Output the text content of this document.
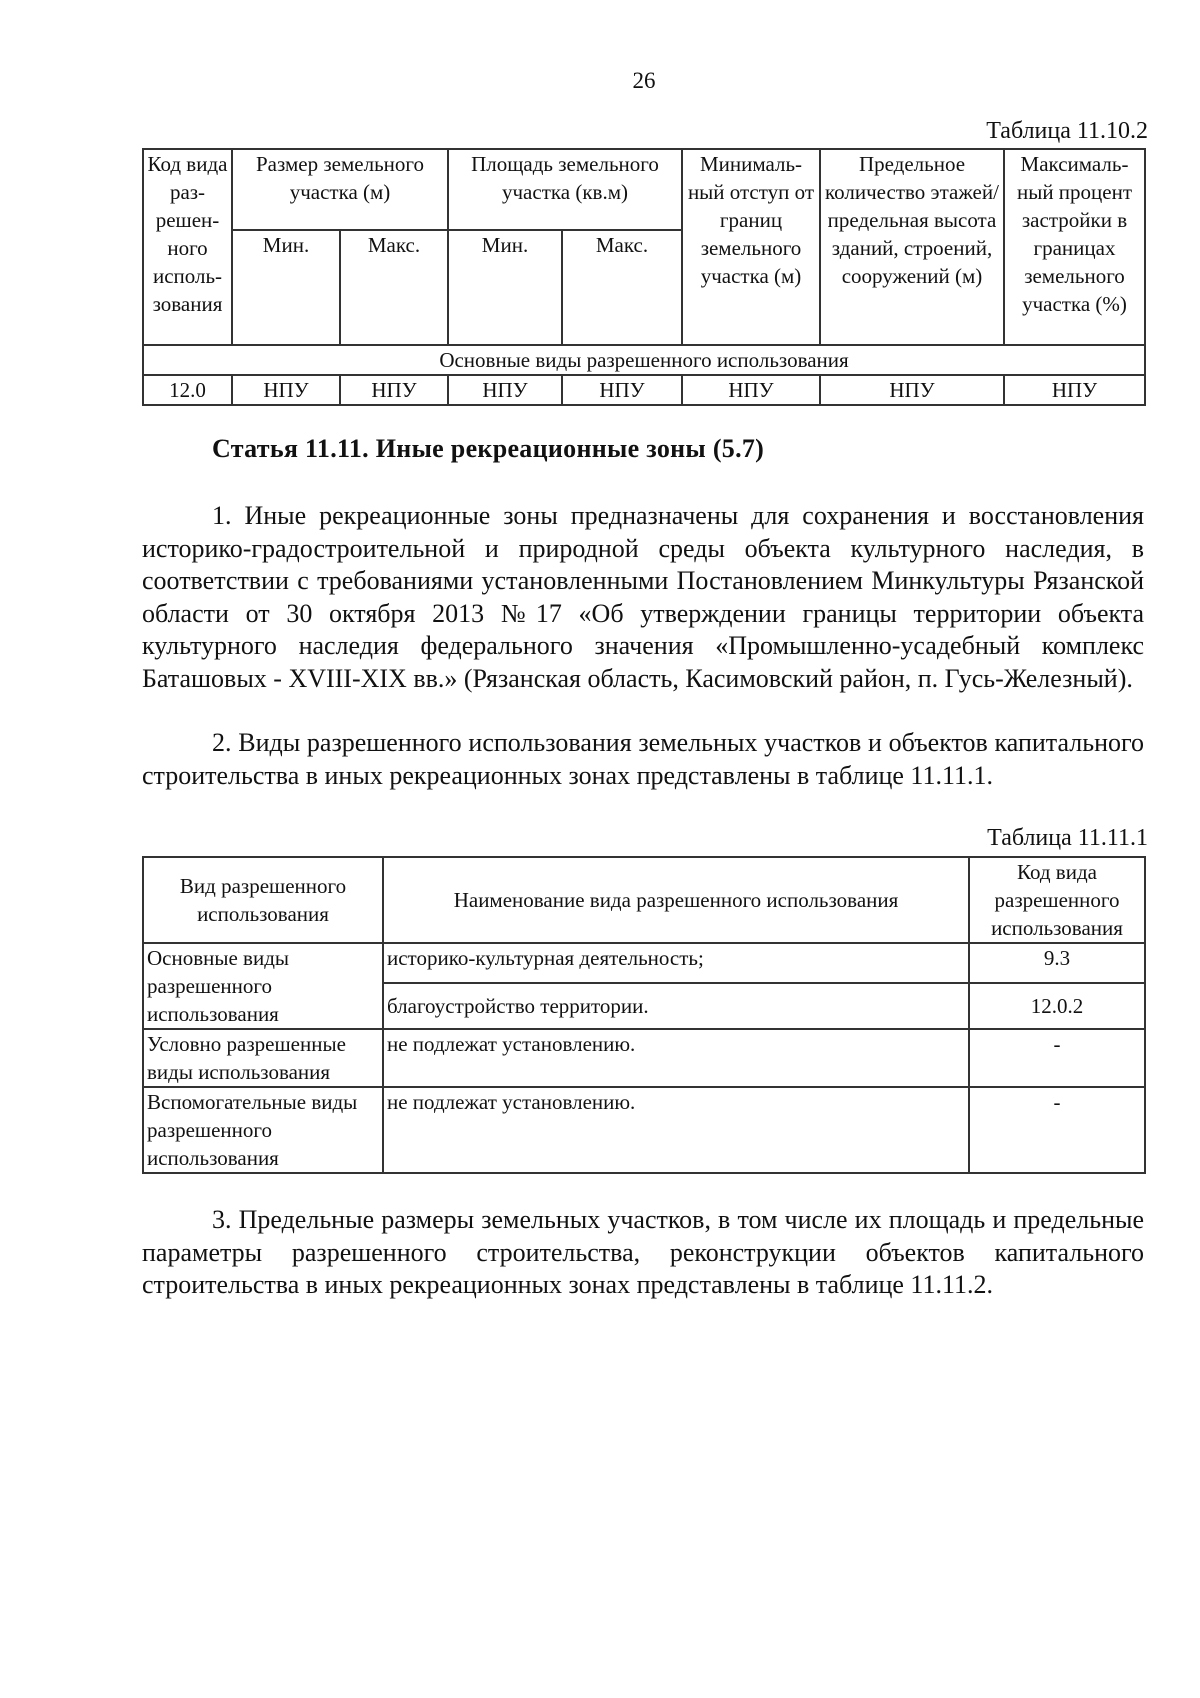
26
Таблица 11.10.2
Код вида раз-решен-ного исполь-зования	Размер земельного участка (м)		Площадь земельного участка (кв.м)		Минималь-ный отступ от границ земельного участка (м)	Предельное количество этажей/ предельная высота зданий, строений, сооружений (м)	Максималь-ный процент застройки в границах земельного участка (%)
	Мин.	Макс.	Мин.	Макс.			
Основные виды разрешенного использования							
12.0	НПУ	НПУ	НПУ	НПУ	НПУ	НПУ	НПУ
Статья 11.11. Иные рекреационные зоны (5.7)
1. Иные рекреационные зоны предназначены для сохранения и восстановления историко-градостроительной и природной среды объекта культурного наследия, в соответствии с требованиями установленными Постановлением Минкультуры Рязанской области от 30 октября 2013 №17 «Об утверждении границы территории объекта культурного наследия федерального значения «Промышленно-усадебный комплекс Баташовых - XVIII-XIX вв.» (Рязанская область, Касимовский район, п. Гусь-Железный).
2. Виды разрешенного использования земельных участков и объектов капитального строительства в иных рекреационных зонах представлены в таблице 11.11.1.
Таблица 11.11.1
Вид разрешенного использования	Наименование вида разрешенного использования	Код вида разрешенного использования
Основные виды разрешенного использования	историко-культурная деятельность;	9.3
	благоустройство территории.	12.0.2
Условно разрешенные виды использования	не подлежат установлению.	-
Вспомогательные виды разрешенного использования	не подлежат установлению.	-
3. Предельные размеры земельных участков, в том числе их площадь и предельные параметры разрешенного строительства, реконструкции объектов капитального строительства в иных рекреационных зонах представлены в таблице 11.11.2.
